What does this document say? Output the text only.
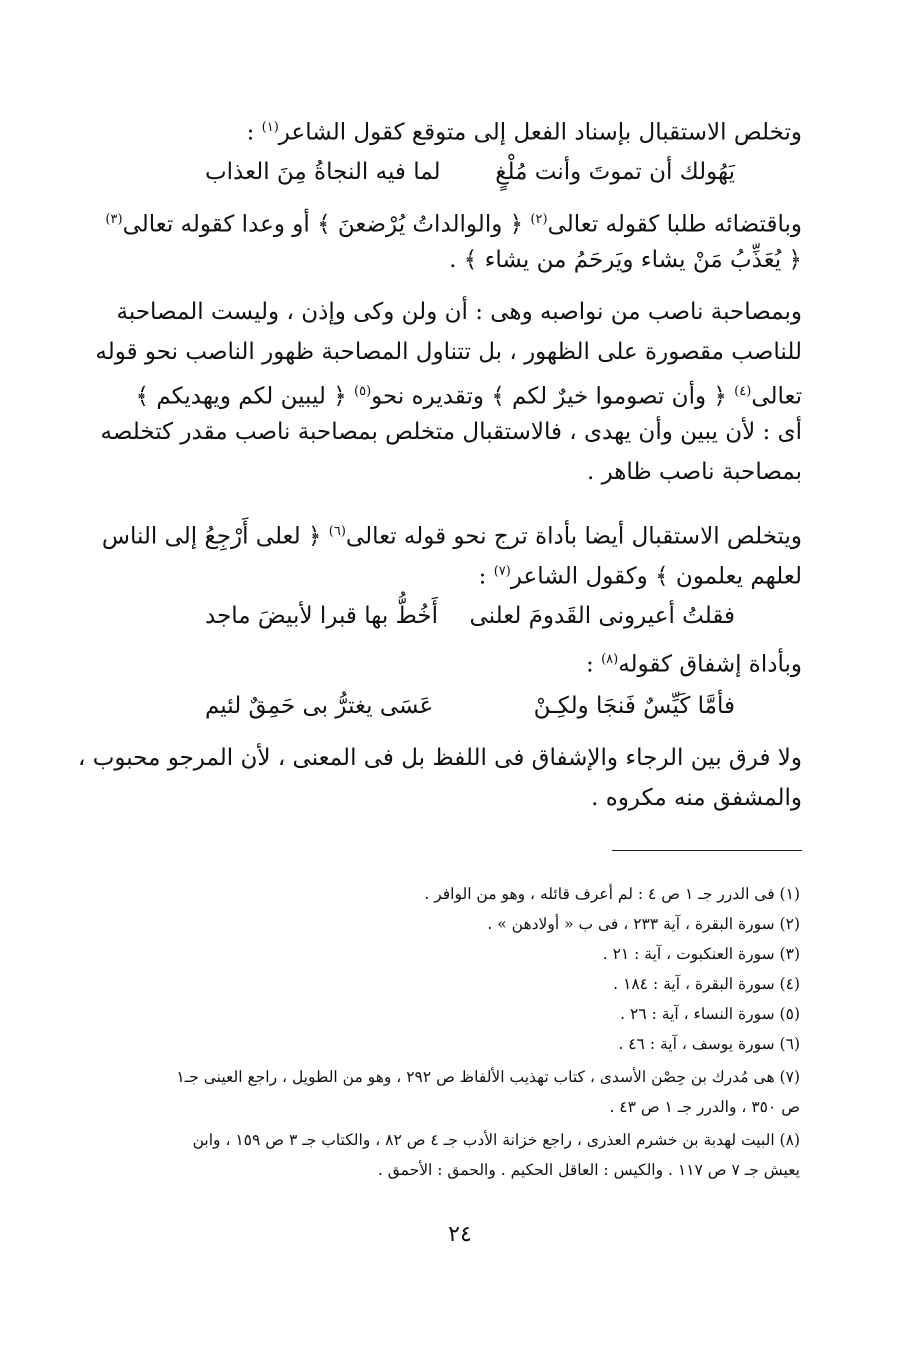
وتخلص الاستقبال بإسناد الفعل إلى متوقع كقول الشاعر$^{(١)}$ :
يَهُولك أن تموتَ وأنت مُلْغٍ
لما فيه النجاةُ مِنَ العذاب
وباقتضائه طلبا كقوله تعالى$^{(٢)}$ ﴿ والوالداتُ يُرْضعنَ ﴾ أو وعدا كقوله تعالى$^{(٣)}$
﴿ يُعَذِّبُ مَنْ يشاء ويَرحَمُ من يشاء ﴾ .
وبمصاحبة ناصب من نواصبه وهى : أن ولن وكى وإذن ، وليست المصاحبة
للناصب مقصورة على الظهور ، بل تتناول المصاحبة ظهور الناصب نحو قوله
تعالى$^{(٤)}$ ﴿ وأن تصوموا خيرٌ لكم ﴾ وتقديره نحو$^{(٥)}$ ﴿ ليبين لكم ويهديكم ﴾
أى : لأن يبين وأن يهدى ، فالاستقبال متخلص بمصاحبة ناصب مقدر كتخلصه
بمصاحبة ناصب ظاهر .
ويتخلص الاستقبال أيضا بأداة ترج نحو قوله تعالى$^{(٦)}$ ﴿ لعلى أَرْجِعُ إلى الناس
لعلهم يعلمون ﴾ وكقول الشاعر$^{(٧)}$ :
فقلتُ أعيرونى القَدومَ لعلنى
أَخُطُّ بها قبرا لأبيضَ ماجد
وبأداة إشفاق كقوله$^{(٨)}$ :
فأمَّا كَيِّسٌ فَنجَا ولكِـنْ
عَسَى يغترُّ بى حَمِقٌ لئيم
ولا فرق بين الرجاء والإشفاق فى اللفظ بل فى المعنى ، لأن المرجو محبوب ،
والمشفق منه مكروه .
(١) فى الدرر جـ ١ ص ٤ : لم أعرف قائله ، وهو من الوافر .
(٢) سورة البقرة ، آية ٢٣٣ ، فى ب « أولادهن » .
(٣) سورة العنكبوت ، آية : ٢١ .
(٤) سورة البقرة ، آية : ١٨٤ .
(٥) سورة النساء ، آية : ٢٦ .
(٦) سورة يوسف ، آية : ٤٦ .
(٧) هى مُدرك بن حِصْن الأسدى ، كتاب تهذيب الألفاظ ص ٢٩٢ ، وهو من الطويل ، راجع العينى جـ١
ص ٣٥٠ ، والدرر جـ ١ ص ٤٣ .
(٨) البيت لهدبة بن خشرم العذرى ، راجع خزانة الأدب جـ ٤ ص ٨٢ ، والكتاب جـ ٣ ص ١٥٩ ، وابن
يعيش جـ ٧ ص ١١٧ . والكيس : العاقل الحكيم . والحمق : الأحمق .
٢٤
